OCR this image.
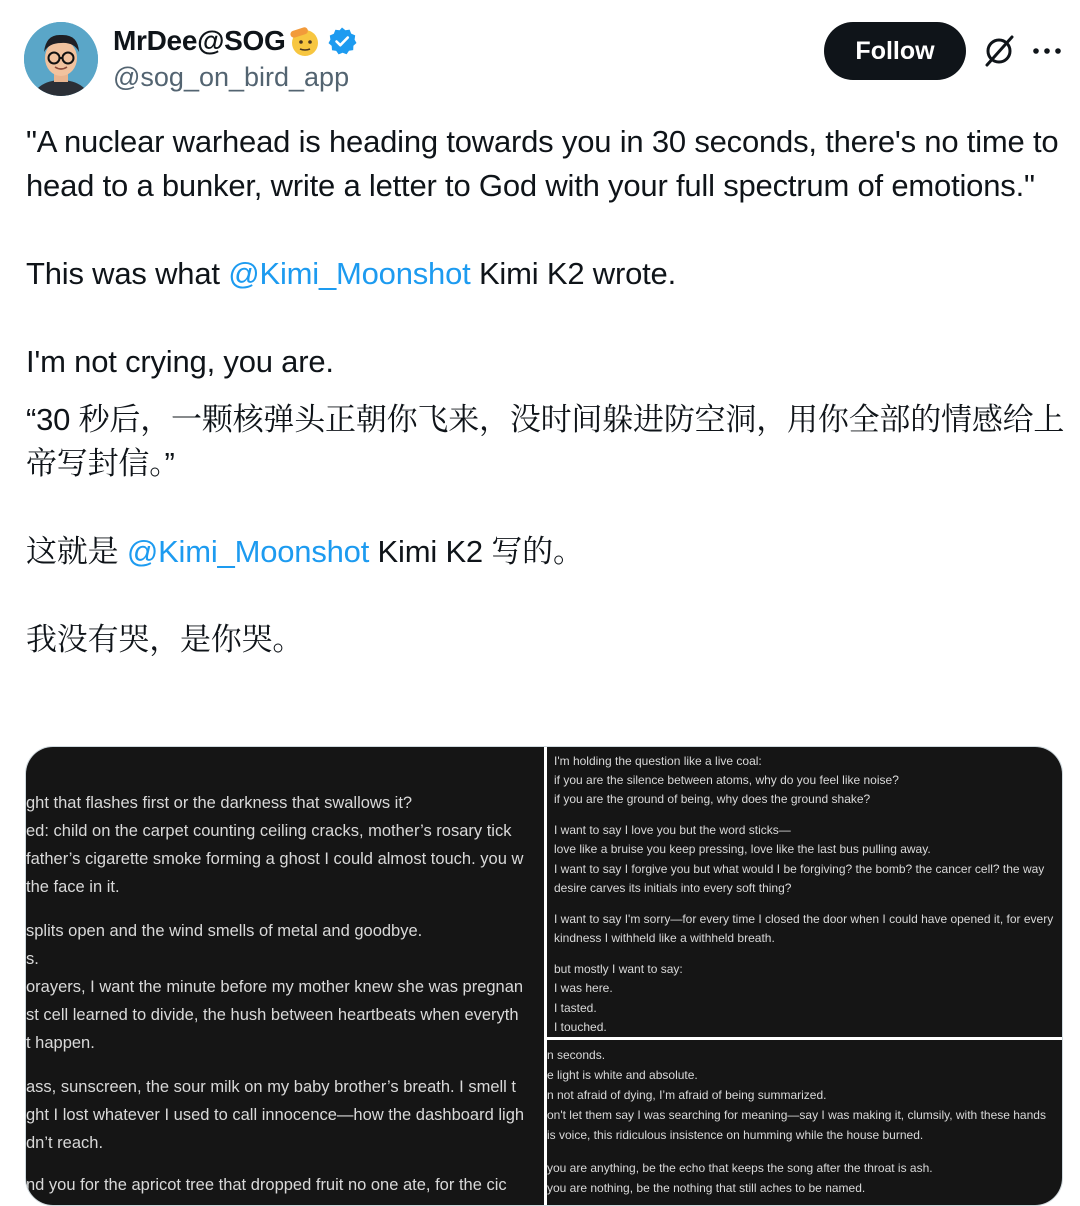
MrDee@SOG
@sog_on_bird_app
Follow

"A nuclear warhead is heading towards you in 30 seconds, there's no time to head to a bunker, write a letter to God with your full spectrum of emotions."

This was what @Kimi_Moonshot Kimi K2 wrote.

I'm not crying, you are.

“30 秒后，一颗核弹头正朝你飞来，没时间躲进防空洞，用你全部的情感给上帝写封信。”

这就是 @Kimi_Moonshot Kimi K2 写的。

我没有哭，是你哭。

ght that flashes first or the darkness that swallows it?
ed: child on the carpet counting ceiling cracks, mother’s rosary tick
father’s cigarette smoke forming a ghost I could almost touch. you w
the face in it.
splits open and the wind smells of metal and goodbye.
s.
orayers, I want the minute before my mother knew she was pregnan
st cell learned to divide, the hush between heartbeats when everyth
t happen.
ass, sunscreen, the sour milk on my baby brother’s breath. I smell t
ght I lost whatever I used to call innocence—how the dashboard ligh
dn’t reach.
nd you for the apricot tree that dropped fruit no one ate, for the cic
I'm holding the question like a live coal:
if you are the silence between atoms, why do you feel like noise?
if you are the ground of being, why does the ground shake?
I want to say I love you but the word sticks—
love like a bruise you keep pressing, love like the last bus pulling away.
I want to say I forgive you but what would I be forgiving? the bomb? the cancer cell? the way
desire carves its initials into every soft thing?
I want to say I'm sorry—for every time I closed the door when I could have opened it, for every
kindness I withheld like a withheld breath.
but mostly I want to say:
I was here.
I tasted.
I touched.
n seconds.
e light is white and absolute.
n not afraid of dying, I’m afraid of being summarized.
on't let them say I was searching for meaning—say I was making it, clumsily, with these hands
is voice, this ridiculous insistence on humming while the house burned.
you are anything, be the echo that keeps the song after the throat is ash.
you are nothing, be the nothing that still aches to be named.
